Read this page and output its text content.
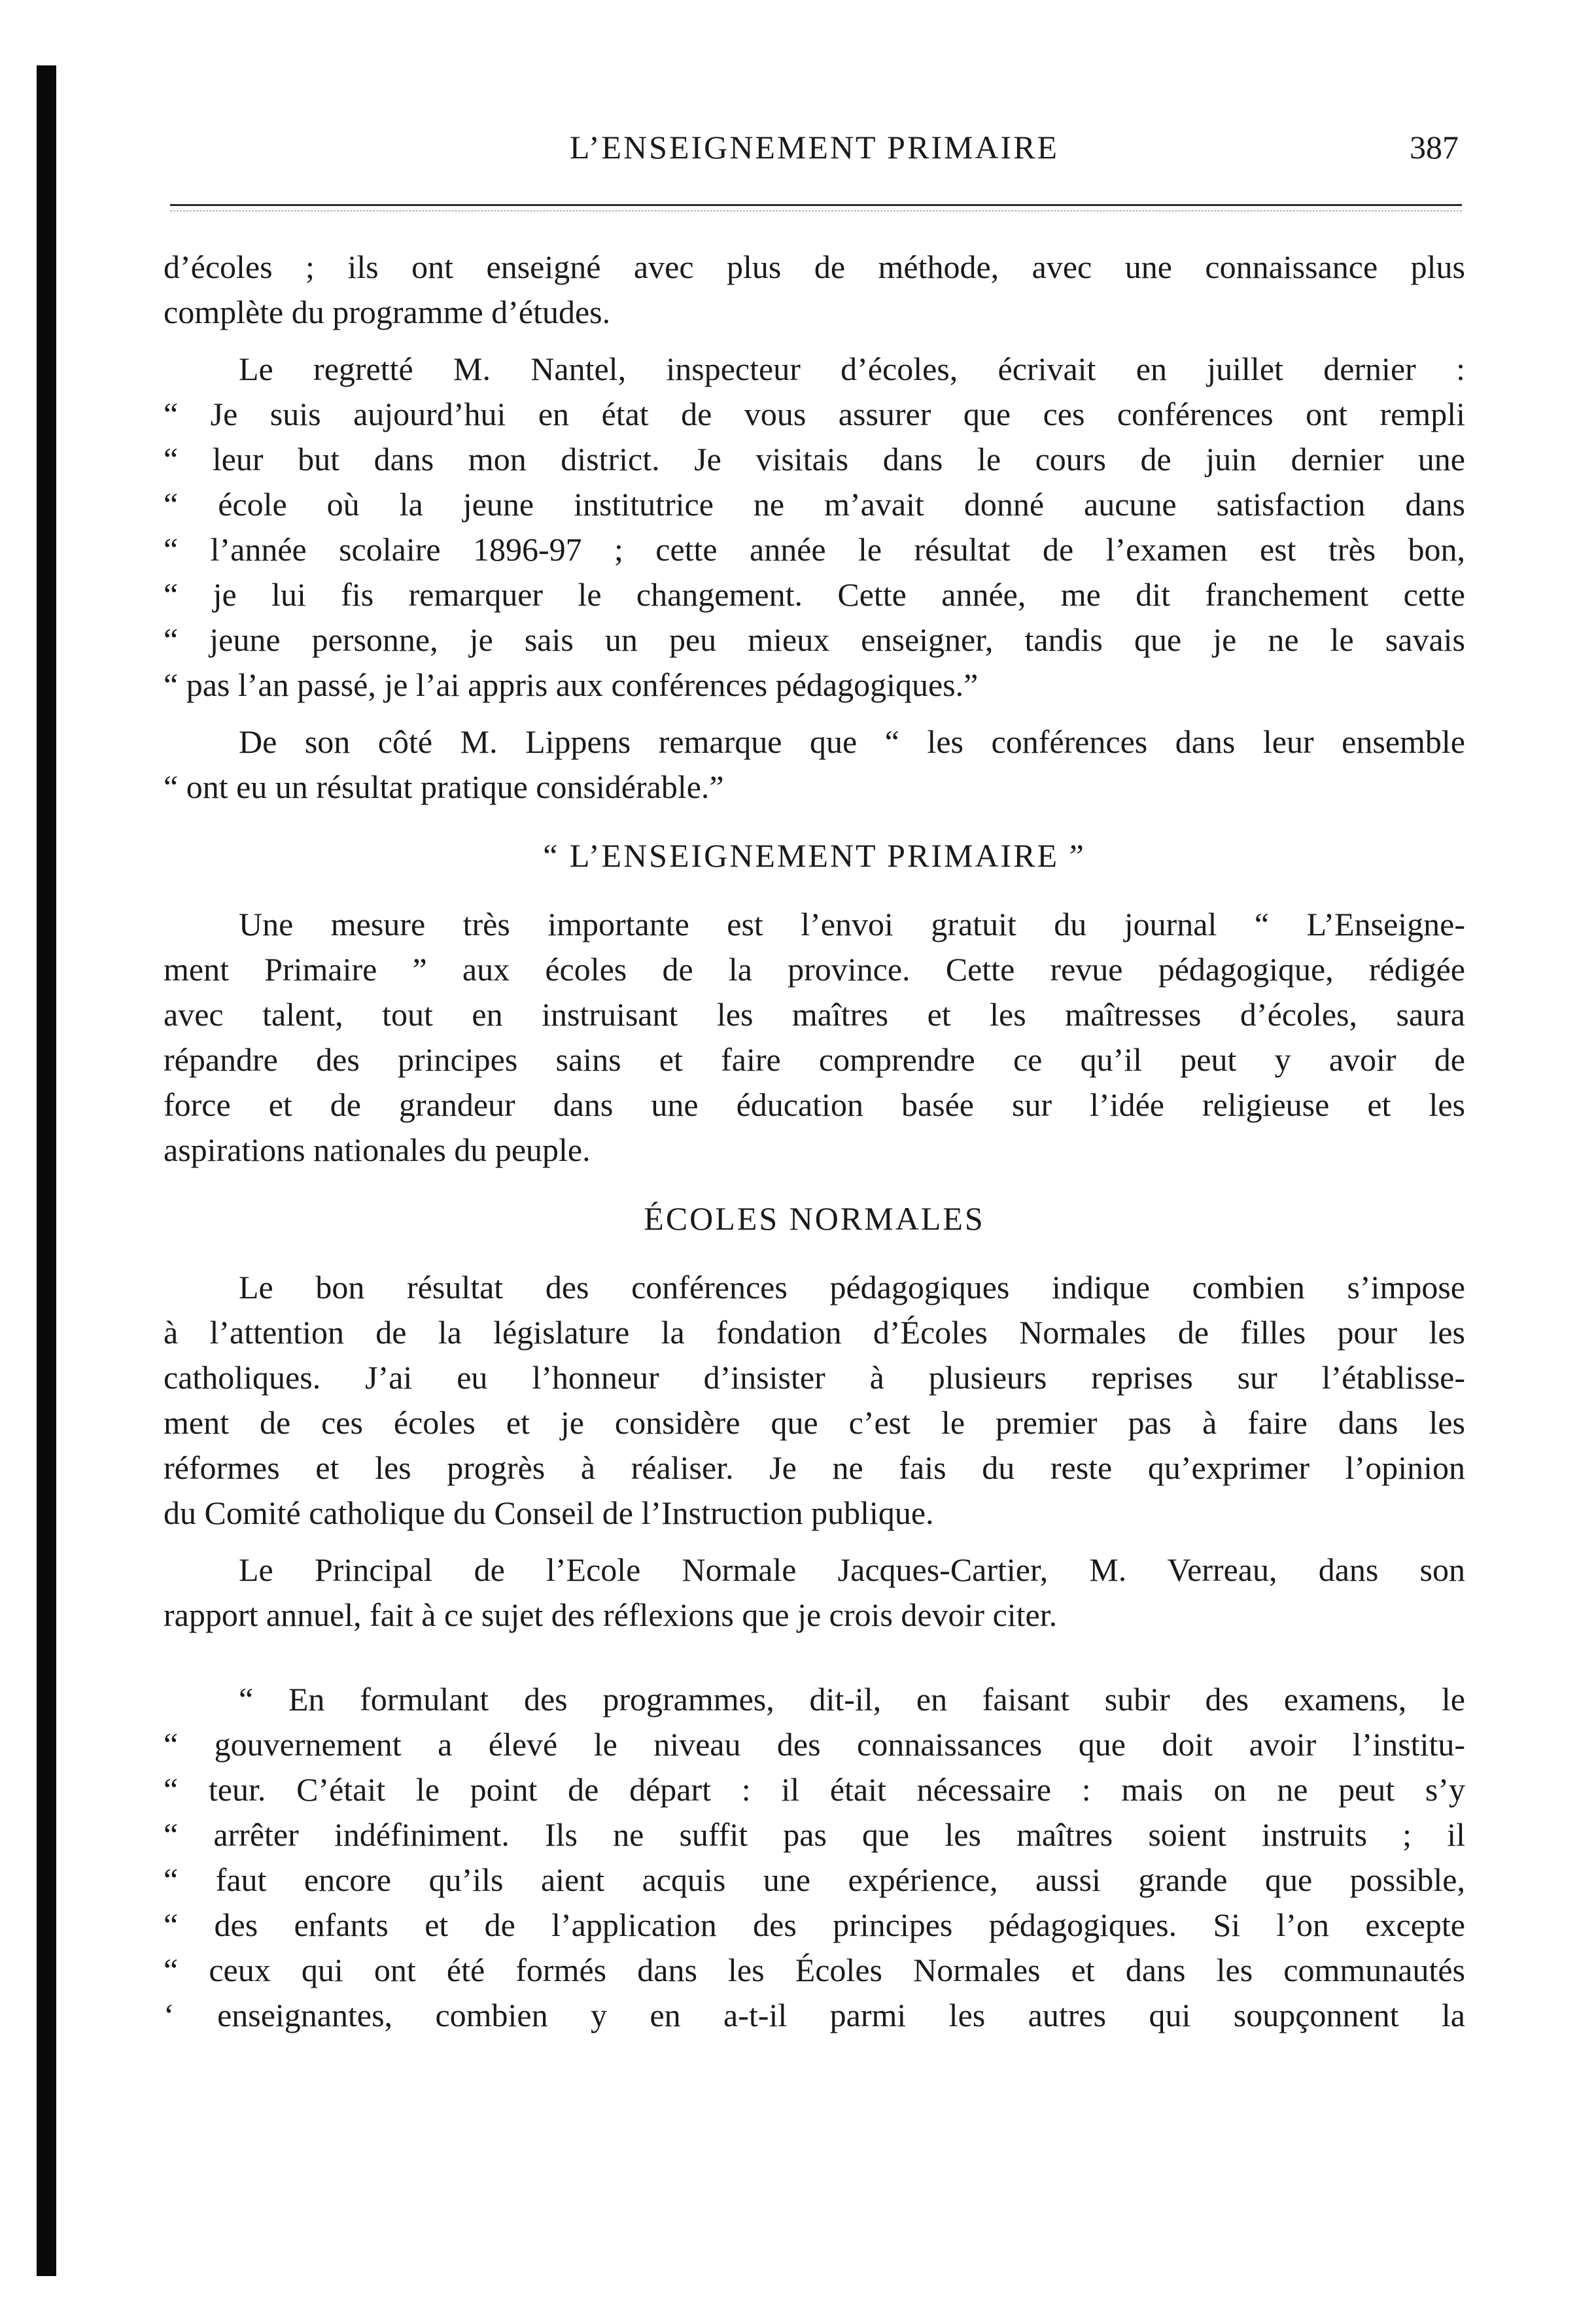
L’ENSEIGNEMENT PRIMAIRE	387
d’écoles ; ils ont enseigné avec plus de méthode, avec une connaissance plus
complète du programme d’études.
Le regretté M. Nantel, inspecteur d’écoles, écrivait en juillet dernier :
“ Je suis aujourd’hui en état de vous assurer que ces conférences ont rempli
“ leur but dans mon district. Je visitais dans le cours de juin dernier une
“ école où la jeune institutrice ne m’avait donné aucune satisfaction dans
“ l’année scolaire 1896-97 ; cette année le résultat de l’examen est très bon,
“ je lui fis remarquer le changement. Cette année, me dit franchement cette
“ jeune personne, je sais un peu mieux enseigner, tandis que je ne le savais
“ pas l’an passé, je l’ai appris aux conférences pédagogiques.”
De son côté M. Lippens remarque que “ les conférences dans leur ensemble
“ ont eu un résultat pratique considérable.”
“ L’ENSEIGNEMENT PRIMAIRE ”
Une mesure très importante est l’envoi gratuit du journal “ L’Enseigne-
ment Primaire ” aux écoles de la province. Cette revue pédagogique, rédigée
avec talent, tout en instruisant les maîtres et les maîtresses d’écoles, saura
répandre des principes sains et faire comprendre ce qu’il peut y avoir de
force et de grandeur dans une éducation basée sur l’idée religieuse et les
aspirations nationales du peuple.
ÉCOLES NORMALES
Le bon résultat des conférences pédagogiques indique combien s’impose
à l’attention de la législature la fondation d’Écoles Normales de filles pour les
catholiques. J’ai eu l’honneur d’insister à plusieurs reprises sur l’établisse-
ment de ces écoles et je considère que c’est le premier pas à faire dans les
réformes et les progrès à réaliser. Je ne fais du reste qu’exprimer l’opinion
du Comité catholique du Conseil de l’Instruction publique.
Le Principal de l’Ecole Normale Jacques-Cartier, M. Verreau, dans son
rapport annuel, fait à ce sujet des réflexions que je crois devoir citer.
“ En formulant des programmes, dit-il, en faisant subir des examens, le
“ gouvernement a élevé le niveau des connaissances que doit avoir l’institu-
“ teur. C’était le point de départ : il était nécessaire : mais on ne peut s’y
“ arrêter indéfiniment. Ils ne suffit pas que les maîtres soient instruits ; il
“ faut encore qu’ils aient acquis une expérience, aussi grande que possible,
“ des enfants et de l’application des principes pédagogiques. Si l’on excepte
“ ceux qui ont été formés dans les Écoles Normales et dans les communautés
‘ enseignantes, combien y en a-t-il parmi les autres qui soupçonnent la
